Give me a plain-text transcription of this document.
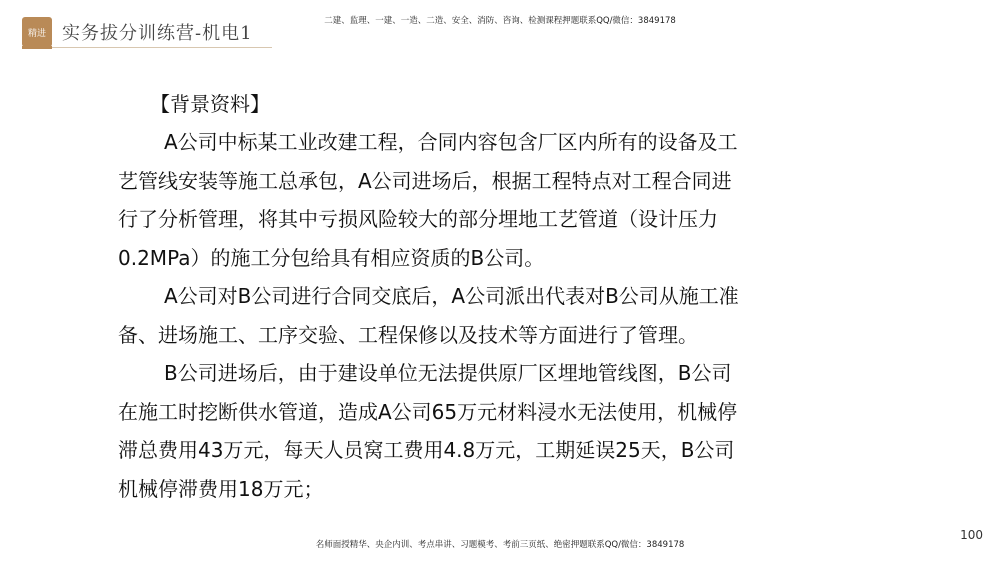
精进 实务拔分训练营-机电1
二建、监理、一建、一造、二造、安全、消防、咨询、检测课程押题联系QQ/微信：3849178
【背景资料】
A公司中标某工业改建工程，合同内容包含厂区内所有的设备及工
艺管线安装等施工总承包，A公司进场后，根据工程特点对工程合同进
行了分析管理，将其中亏损风险较大的部分埋地工艺管道（设计压力
0.2MPa）的施工分包给具有相应资质的B公司。
A公司对B公司进行合同交底后，A公司派出代表对B公司从施工准
备、进场施工、工序交验、工程保修以及技术等方面进行了管理。
B公司进场后，由于建设单位无法提供原厂区埋地管线图，B公司
在施工时挖断供水管道，造成A公司65万元材料浸水无法使用，机械停
滞总费用43万元，每天人员窝工费用4.8万元，工期延误25天，B公司
机械停滞费用18万元；
名师面授精华、央企内训、考点串讲、习题模考、考前三页纸、绝密押题联系QQ/微信：3849178
100
